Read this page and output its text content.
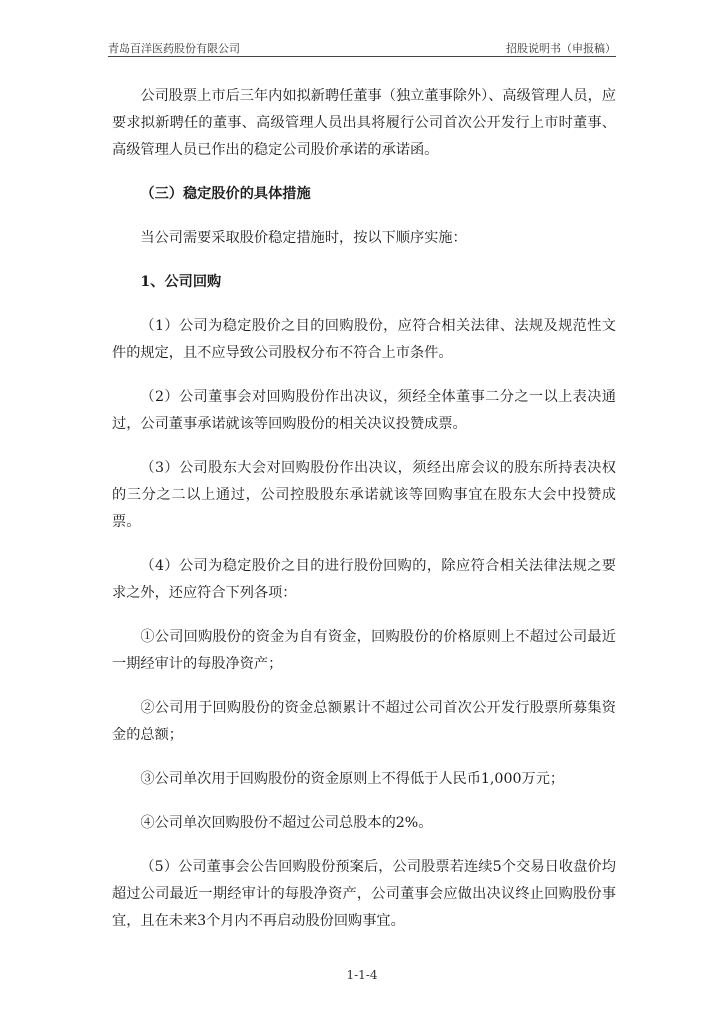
青岛百洋医药股份有限公司	招股说明书（申报稿）

公司股票上市后三年内如拟新聘任董事（独立董事除外）、高级管理人员，应要求拟新聘任的董事、高级管理人员出具将履行公司首次公开发行上市时董事、高级管理人员已作出的稳定公司股价承诺的承诺函。

（三）稳定股价的具体措施

当公司需要采取股价稳定措施时，按以下顺序实施：

1、公司回购

（1）公司为稳定股价之目的回购股份，应符合相关法律、法规及规范性文件的规定，且不应导致公司股权分布不符合上市条件。

（2）公司董事会对回购股份作出决议，须经全体董事二分之一以上表决通过，公司董事承诺就该等回购股份的相关决议投赞成票。

（3）公司股东大会对回购股份作出决议，须经出席会议的股东所持表决权的三分之二以上通过，公司控股股东承诺就该等回购事宜在股东大会中投赞成票。

（4）公司为稳定股价之目的进行股份回购的，除应符合相关法律法规之要求之外，还应符合下列各项：

①公司回购股份的资金为自有资金，回购股份的价格原则上不超过公司最近一期经审计的每股净资产；

②公司用于回购股份的资金总额累计不超过公司首次公开发行股票所募集资金的总额；

③公司单次用于回购股份的资金原则上不得低于人民币1,000万元；

④公司单次回购股份不超过公司总股本的2%。

（5）公司董事会公告回购股份预案后，公司股票若连续5个交易日收盘价均超过公司最近一期经审计的每股净资产，公司董事会应做出决议终止回购股份事宜，且在未来3个月内不再启动股份回购事宜。

1-1-4
